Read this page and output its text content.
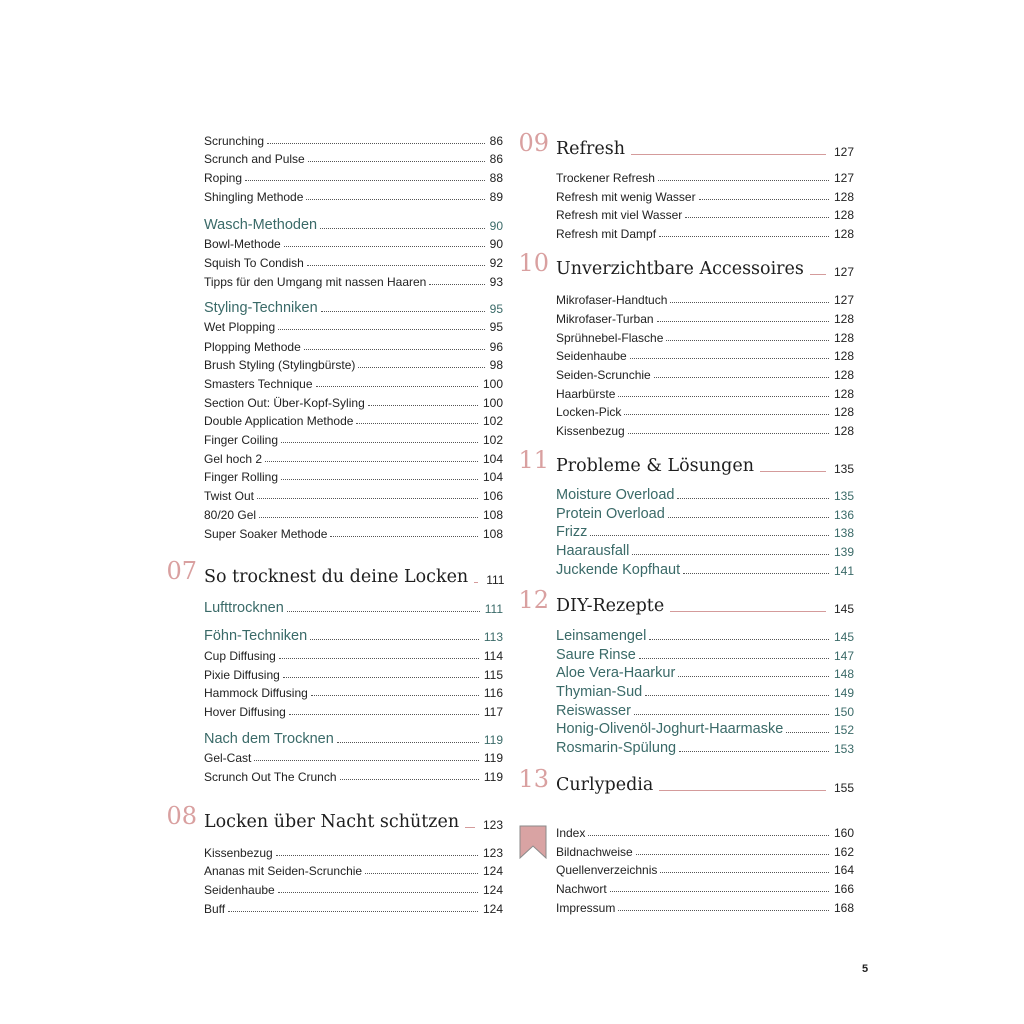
Scrunching	86
Scrunch and Pulse	86
Roping	88
Shingling Methode	89
Wasch-Methoden	90
Bowl-Methode	90
Squish To Condish	92
Tipps für den Umgang mit nassen Haaren	93
Styling-Techniken	95
Wet Plopping	95
Plopping Methode	96
Brush Styling (Stylingbürste)	98
Smasters Technique	100
Section Out: Über-Kopf-Syling	100
Double Application Methode	102
Finger Coiling	102
Gel hoch 2	104
Finger Rolling	104
Twist Out	106
80/20 Gel	108
Super Soaker Methode	108
So trocknest du deine Locken 111
Lufttrocknen	111
Föhn-Techniken	113
Cup Diffusing	114
Pixie Diffusing	115
Hammock Diffusing	116
Hover Diffusing	117
Nach dem Trocknen	119
Gel-Cast	119
Scrunch Out The Crunch	119
Locken über Nacht schützen 123
Kissenbezug	123
Ananas mit Seiden-Scrunchie	124
Seidenhaube	124
Buff	124
Refresh	127
Trockener Refresh	127
Refresh mit wenig Wasser	128
Refresh mit viel Wasser	128
Refresh mit Dampf	128
Unverzichtbare Accessoires	127
Mikrofaser-Handtuch	127
Mikrofaser-Turban	128
Sprühnebel-Flasche	128
Seidenhaube	128
Seiden-Scrunchie	128
Haarbürste	128
Locken-Pick	128
Kissenbezug	128
Probleme & Lösungen	135
Moisture Overload	135
Protein Overload	136
Frizz	138
Haarausfall	139
Juckende Kopfhaut	141
DIY-Rezepte	145
Leinsamengel	145
Saure Rinse	147
Aloe Vera-Haarkur	148
Thymian-Sud	149
Reiswasser	150
Honig-Olivenöl-Joghurt-Haarmaske	152
Rosmarin-Spülung	153
Curlypedia	155
Index	160
Bildnachweise	162
Quellenverzeichnis	164
Nachwort	166
Impressum	168
5
07
08
09
10
11
12
13
